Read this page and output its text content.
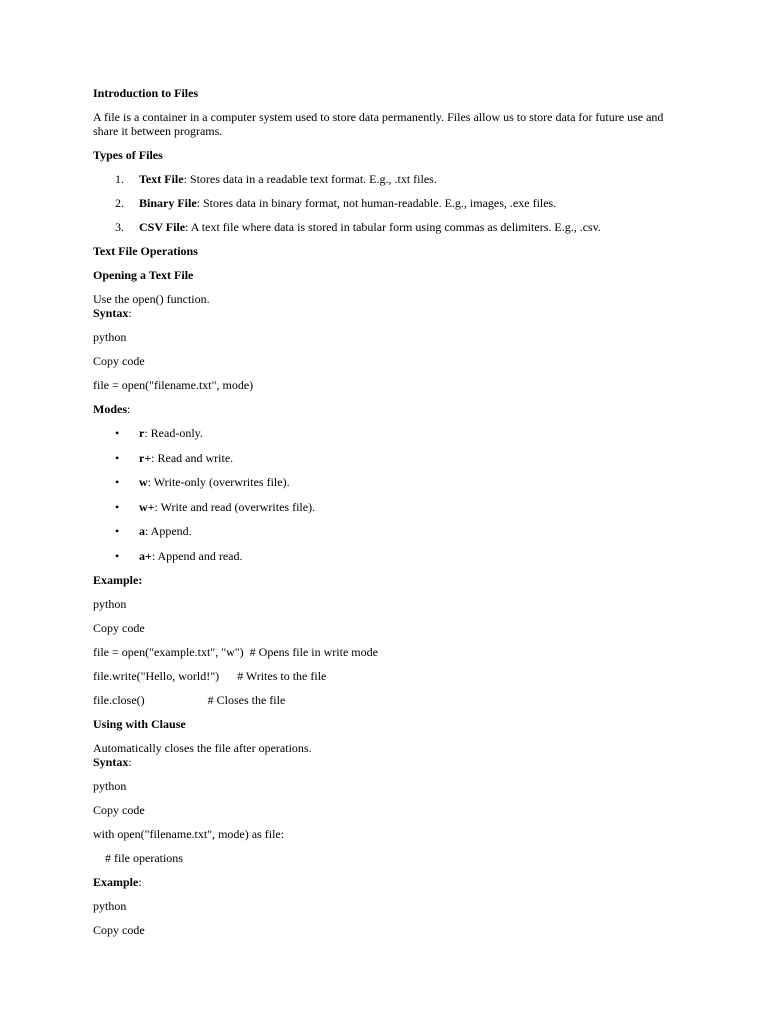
Introduction to Files
A file is a container in a computer system used to store data permanently. Files allow us to store data for future use and share it between programs.
Types of Files
1. Text File: Stores data in a readable text format. E.g., .txt files.
2. Binary File: Stores data in binary format, not human-readable. E.g., images, .exe files.
3. CSV File: A text file where data is stored in tabular form using commas as delimiters. E.g., .csv.
Text File Operations
Opening a Text File
Use the open() function.
Syntax:
python
Copy code
file = open("filename.txt", mode)
Modes:
• r: Read-only.
• r+: Read and write.
• w: Write-only (overwrites file).
• w+: Write and read (overwrites file).
• a: Append.
• a+: Append and read.
Example:
python
Copy code
file = open("example.txt", "w")  # Opens file in write mode
file.write("Hello, world!")      # Writes to the file
file.close()                     # Closes the file
Using with Clause
Automatically closes the file after operations.
Syntax:
python
Copy code
with open("filename.txt", mode) as file:
# file operations
Example:
python
Copy code
